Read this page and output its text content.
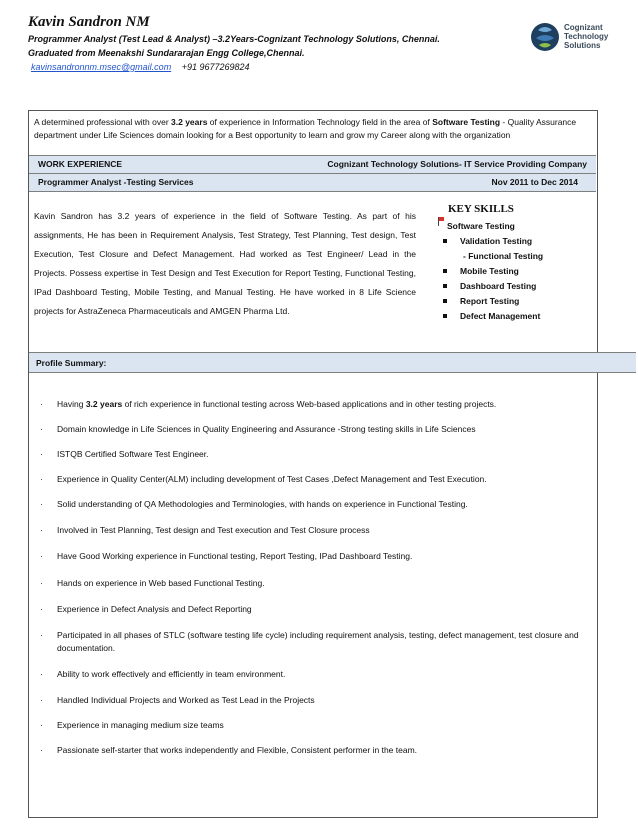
Kavin Sandron NM
Programmer Analyst (Test Lead & Analyst) –3.2Years-Cognizant Technology Solutions, Chennai.
Graduated from Meenakshi Sundararajan Engg College,Chennai.
kavinsandronnm.msec@gmail.com +91 9677269824
Cognizant
Technology
Solutions
A determined professional with over 3.2 years of experience in Information Technology field in the area of Software Testing - Quality Assurance department under Life Sciences domain looking for a Best opportunity to learn and grow my Career along with the organization
WORK EXPERIENCE	Cognizant Technology Solutions- IT Service Providing Company
Programmer Analyst -Testing Services	Nov 2011 to Dec 2014
Kavin Sandron has 3.2 years of experience in the field of Software Testing. As part of his assignments, He has been in Requirement Analysis, Test Strategy, Test Planning, Test design, Test Execution, Test Closure and Defect Management. Had worked as Test Engineer/ Lead in the Projects. Possess expertise in Test Design and Test Execution for Report Testing, Functional Testing, IPad Dashboard Testing, Mobile Testing, and Manual Testing. He have worked in 8 Life Science projects for AstraZeneca Pharmaceuticals and AMGEN Pharma Ltd.
KEY SKILLS
Software Testing
Validation Testing
- Functional Testing
Mobile Testing
Dashboard Testing
Report Testing
Defect Management
Profile Summary:
· Having 3.2 years of rich experience in functional testing across Web-based applications and in other testing projects.
· Domain knowledge in Life Sciences in Quality Engineering and Assurance -Strong testing skills in Life Sciences
· ISTQB Certified Software Test Engineer.
· Experience in Quality Center(ALM) including development of Test Cases ,Defect Management and Test Execution.
· Solid understanding of QA Methodologies and Terminologies, with hands on experience in Functional Testing.
· Involved in Test Planning, Test design and Test execution and Test Closure process
· Have Good Working experience in Functional testing, Report Testing, IPad Dashboard Testing.
· Hands on experience in Web based Functional Testing.
· Experience in Defect Analysis and Defect Reporting
· Participated in all phases of STLC (software testing life cycle) including requirement analysis, testing, defect management, test closure and documentation.
· Ability to work effectively and efficiently in team environment.
· Handled Individual Projects and Worked as Test Lead in the Projects
· Experience in managing medium size teams
· Passionate self-starter that works independently and Flexible, Consistent performer in the team.
